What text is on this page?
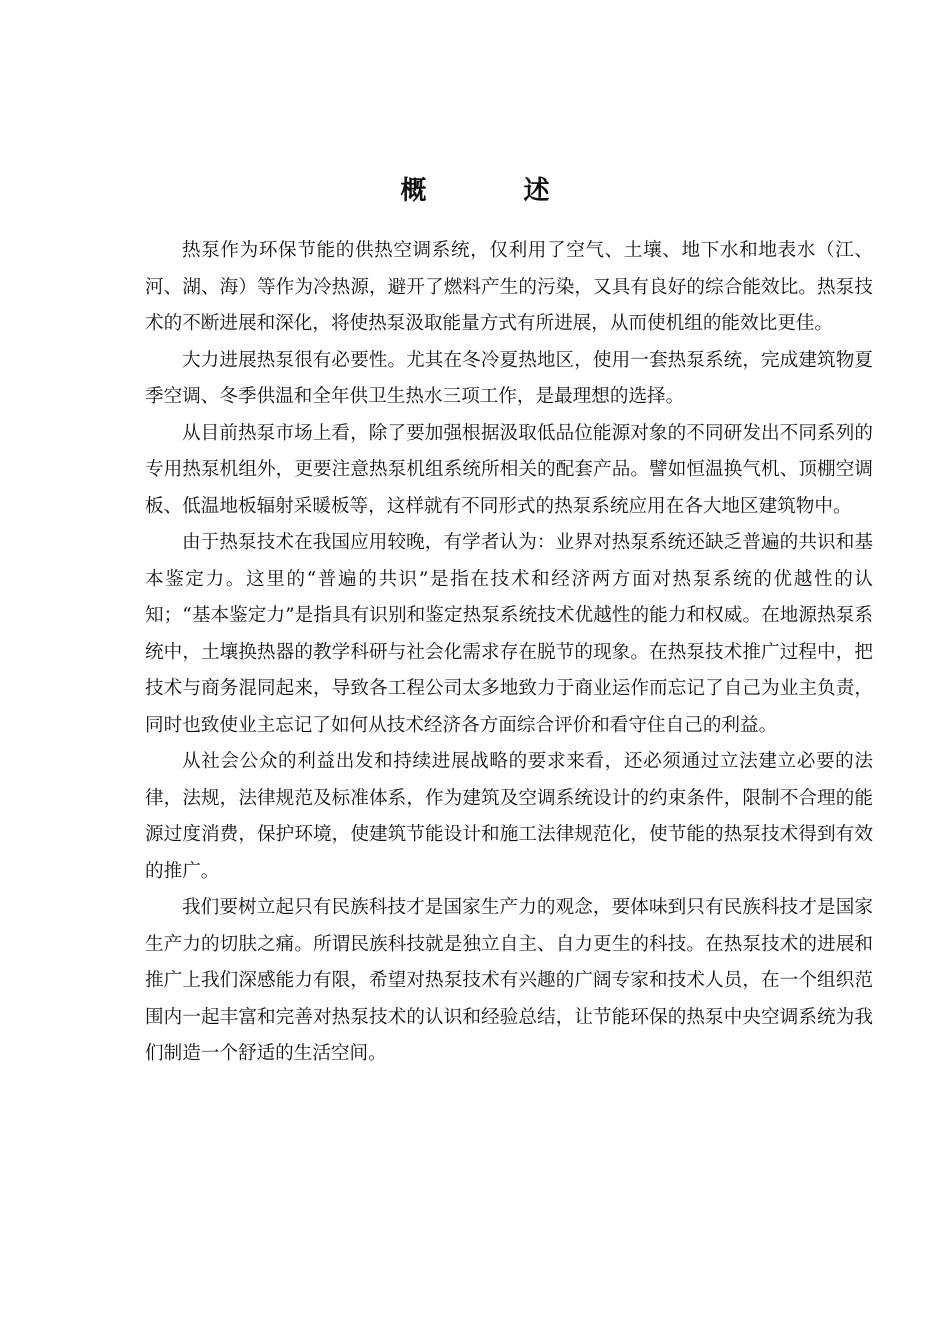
概 述

热泵作为环保节能的供热空调系统，仅利用了空气、土壤、地下水和地表水（江、河、湖、海）等作为冷热源，避开了燃料产生的污染，又具有良好的综合能效比。热泵技术的不断进展和深化，将使热泵汲取能量方式有所进展，从而使机组的能效比更佳。

大力进展热泵很有必要性。尤其在冬冷夏热地区，使用一套热泵系统，完成建筑物夏季空调、冬季供温和全年供卫生热水三项工作，是最理想的选择。

从目前热泵市场上看，除了要加强根据汲取低品位能源对象的不同研发出不同系列的专用热泵机组外，更要注意热泵机组系统所相关的配套产品。譬如恒温换气机、顶棚空调板、低温地板辐射采暖板等，这样就有不同形式的热泵系统应用在各大地区建筑物中。

由于热泵技术在我国应用较晚，有学者认为：业界对热泵系统还缺乏普遍的共识和基本鉴定力。这里的“普遍的共识”是指在技术和经济两方面对热泵系统的优越性的认知；“基本鉴定力”是指具有识别和鉴定热泵系统技术优越性的能力和权威。在地源热泵系统中，土壤换热器的教学科研与社会化需求存在脱节的现象。在热泵技术推广过程中，把技术与商务混同起来，导致各工程公司太多地致力于商业运作而忘记了自己为业主负责，同时也致使业主忘记了如何从技术经济各方面综合评价和看守住自己的利益。

从社会公众的利益出发和持续进展战略的要求来看，还必须通过立法建立必要的法律，法规，法律规范及标准体系，作为建筑及空调系统设计的约束条件，限制不合理的能源过度消费，保护环境，使建筑节能设计和施工法律规范化，使节能的热泵技术得到有效的推广。

我们要树立起只有民族科技才是国家生产力的观念，要体味到只有民族科技才是国家生产力的切肤之痛。所谓民族科技就是独立自主、自力更生的科技。在热泵技术的进展和推广上我们深感能力有限，希望对热泵技术有兴趣的广阔专家和技术人员，在一个组织范围内一起丰富和完善对热泵技术的认识和经验总结，让节能环保的热泵中央空调系统为我们制造一个舒适的生活空间。
